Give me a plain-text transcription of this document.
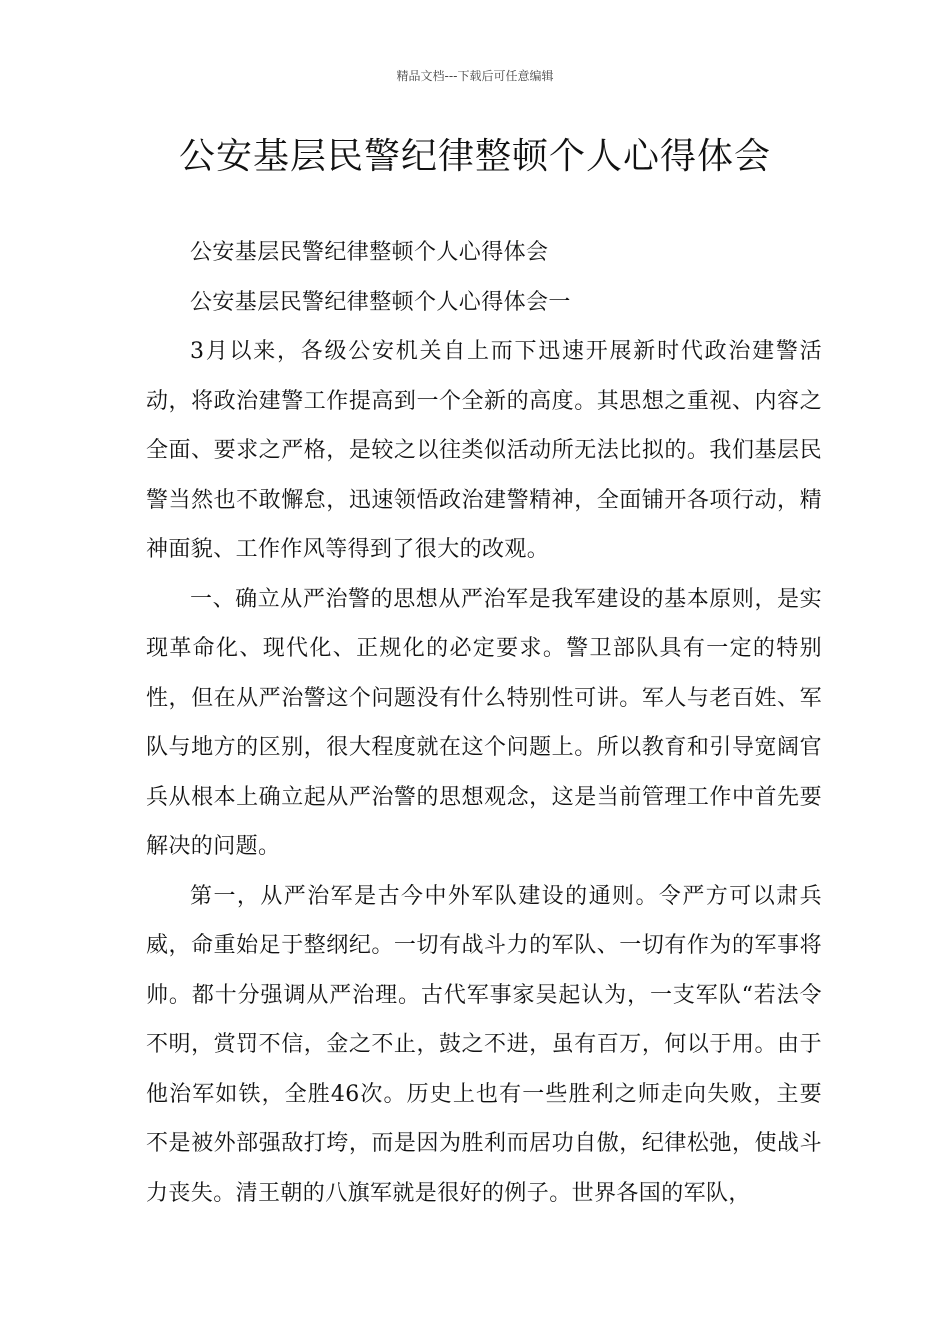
精品文档---下载后可任意编辑
公安基层民警纪律整顿个人心得体会

公安基层民警纪律整顿个人心得体会

公安基层民警纪律整顿个人心得体会一

3月以来，各级公安机关自上而下迅速开展新时代政治建警活动，将政治建警工作提高到一个全新的高度。其思想之重视、内容之全面、要求之严格，是较之以往类似活动所无法比拟的。我们基层民警当然也不敢懈怠，迅速领悟政治建警精神，全面铺开各项行动，精神面貌、工作作风等得到了很大的改观。

一、确立从严治警的思想从严治军是我军建设的基本原则，是实现革命化、现代化、正规化的必定要求。警卫部队具有一定的特别性，但在从严治警这个问题没有什么特别性可讲。军人与老百姓、军队与地方的区别，很大程度就在这个问题上。所以教育和引导宽阔官兵从根本上确立起从严治警的思想观念，这是当前管理工作中首先要解决的问题。

第一，从严治军是古今中外军队建设的通则。令严方可以肃兵威，命重始足于整纲纪。一切有战斗力的军队、一切有作为的军事将帅。都十分强调从严治理。古代军事家吴起认为，一支军队“若法令不明，赏罚不信，金之不止，鼓之不进，虽有百万，何以于用。由于他治军如铁，全胜46次。历史上也有一些胜利之师走向失败，主要不是被外部强敌打垮，而是因为胜利而居功自傲，纪律松弛，使战斗力丧失。清王朝的八旗军就是很好的例子。世界各国的军队，
